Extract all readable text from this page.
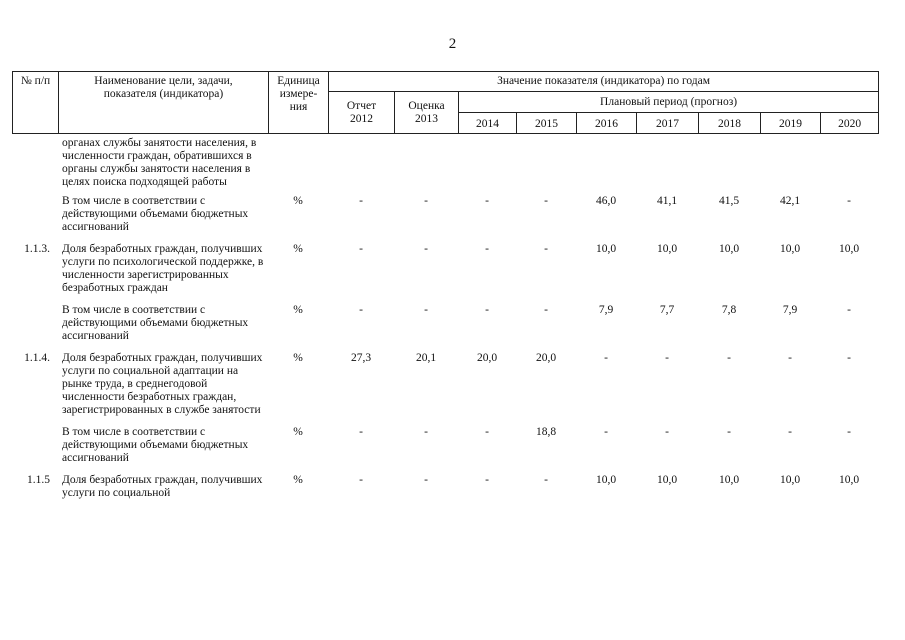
2
№ п/п	Наименование цели, задачи, показателя (индикатора)	Единица измере-ния	Значение показателя (индикатора) по годам								
			Отчет 2012	Оценка 2013	Плановый период (прогноз)						
					2014	2015	2016	2017	2018	2019	2020
	органах службы занятости населения, в численности граждан, обратившихся в органы службы занятости населения в целях поиска подходящей работы										
	В том числе в соответствии с действующими объемами бюджетных ассигнований	%	-	-	-	-	46,0	41,1	41,5	42,1	-
1.1.3.	Доля безработных граждан, получивших услуги по психологической поддержке, в численности зарегистрированных безработных граждан	%	-	-	-	-	10,0	10,0	10,0	10,0	10,0
	В том числе в соответствии с действующими объемами бюджетных ассигнований	%	-	-	-	-	7,9	7,7	7,8	7,9	-
1.1.4.	Доля безработных граждан, получивших услуги по социальной адаптации на рынке труда, в среднегодовой численности безработных граждан, зарегистрированных в службе занятости	%	27,3	20,1	20,0	20,0	-	-	-	-	-
	В том числе в соответствии с действующими объемами бюджетных ассигнований	%	-	-	-	18,8	-	-	-	-	-
1.1.5	Доля безработных граждан, получивших услуги по социальной	%	-	-	-	-	10,0	10,0	10,0	10,0	10,0
